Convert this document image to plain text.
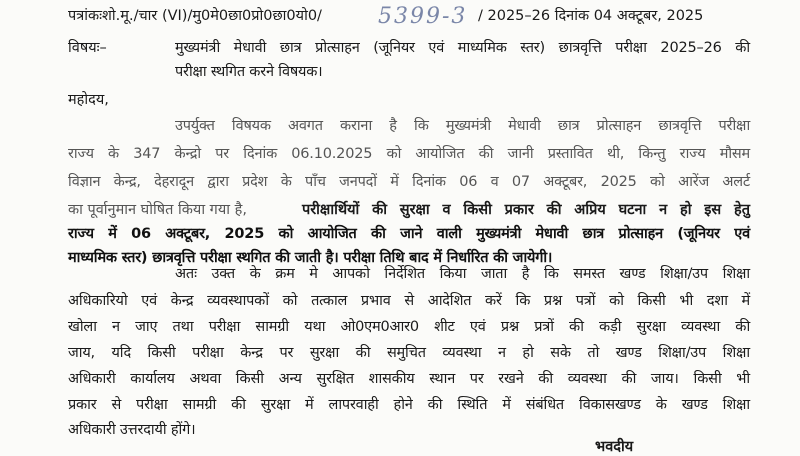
पत्रांकःशो.मू./चार (VI)/मु0मे0छा0प्रो0छा0यो0/	5399-3 / 2025–26 दिनांक 04 अक्टूबर, 2025
विषयः–	मुख्यमंत्री मेधावी छात्र प्रोत्साहन (जूनियर एवं माध्यमिक स्तर) छात्रवृत्ति परीक्षा 2025–26 की
परीक्षा स्थगित करने विषयक।
महोदय,
उपर्युक्त विषयक अवगत कराना है कि मुख्यमंत्री मेधावी छात्र प्रोत्साहन छात्रवृत्ति परीक्षा
राज्य के 347 केन्द्रो पर दिनांक 06.10.2025 को आयोजित की जानी प्रस्तावित थी, किन्तु राज्य मौसम
विज्ञान केन्द्र, देहरादून द्वारा प्रदेश के पाँच जनपदों में दिनांक 06 व 07 अक्टूबर, 2025 को आरेंज अलर्ट
का पूर्वानुमान घोषित किया गया है,	परीक्षार्थियों की सुरक्षा व किसी प्रकार की अप्रिय घटना न हो इस हेतु
राज्य में 06 अक्टूबर, 2025 को आयोजित की जाने वाली मुख्यमंत्री मेधावी छात्र प्रोत्साहन (जूनियर एवं
माध्यमिक स्तर) छात्रवृत्ति परीक्षा स्थगित की जाती है। परीक्षा तिथि बाद में निर्धारित की जायेगी।
अतः उक्त के क्रम मे आपको निर्देशित किया जाता है कि समस्त खण्ड शिक्षा/उप शिक्षा
अधिकारियो एवं केन्द्र व्यवस्थापकों को तत्काल प्रभाव से आदेशित करें कि प्रश्न पत्रों को किसी भी दशा में
खोला न जाए तथा परीक्षा सामग्री यथा ओ0एम0आर0 शीट एवं प्रश्न प्रत्रों की कड़ी सुरक्षा व्यवस्था की
जाय, यदि किसी परीक्षा केन्द्र पर सुरक्षा की समुचित व्यवस्था न हो सके तो खण्ड शिक्षा/उप शिक्षा
अधिकारी कार्यालय अथवा किसी अन्य सुरक्षित शासकीय स्थान पर रखने की व्यवस्था की जाय। किसी भी
प्रकार से परीक्षा सामग्री की सुरक्षा में लापरवाही होने की स्थिति में संबंधित विकासखण्ड के खण्ड शिक्षा
अधिकारी उत्तरदायी होंगे।
भवदीय
